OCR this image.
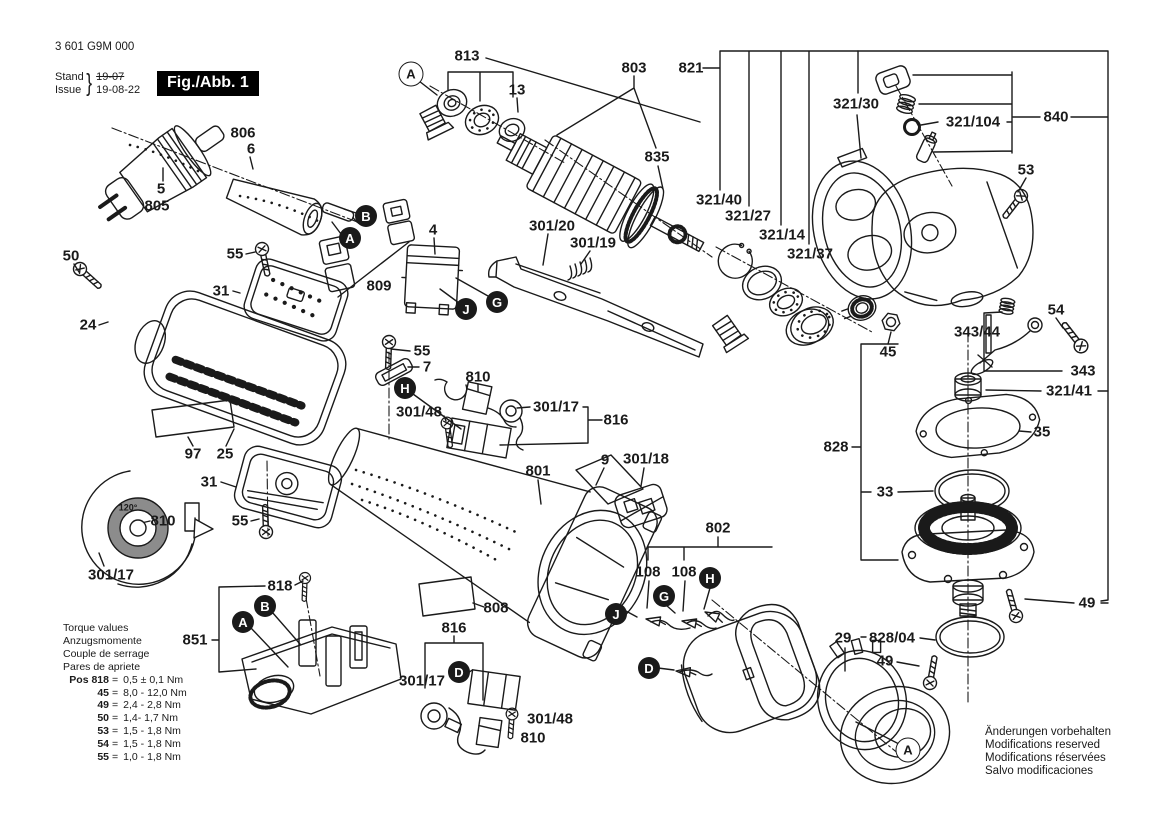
3 601 G9M 000
Stand
Issue } 19-07
19-08-22	Fig./Abb. 1
813
13
803
835
821
321/30
321/104	840
53
806
6
5
805
50	55
24
31
4
809
301/20
301/19
321/40
321/27
321/14
321/37
45
343/44
54
343
321/41
35
828
33
55
7
810
301/48	301/17
816
97 25
31
120°
810
301/17
55
801
9 301/18
818
851
808
816
301/17
301/48
810
802
108 108
29 828/04
49
49
A
B
A
J	G
H
B
A
D
J
G
H
D
A
Torque values
Anzugsmomente
Couple de serrage
Pares de apriete
Pos 818 = 0,5 ± 0,1 Nm
45 = 8,0 - 12,0 Nm
49 = 2,4 - 2,8 Nm
50 = 1,4- 1,7 Nm
53 = 1,5 - 1,8 Nm
54 = 1,5 - 1,8 Nm
55 = 1,0 - 1,8 Nm
Änderungen vorbehalten
Modifications reserved
Modifications réservées
Salvo modificaciones
